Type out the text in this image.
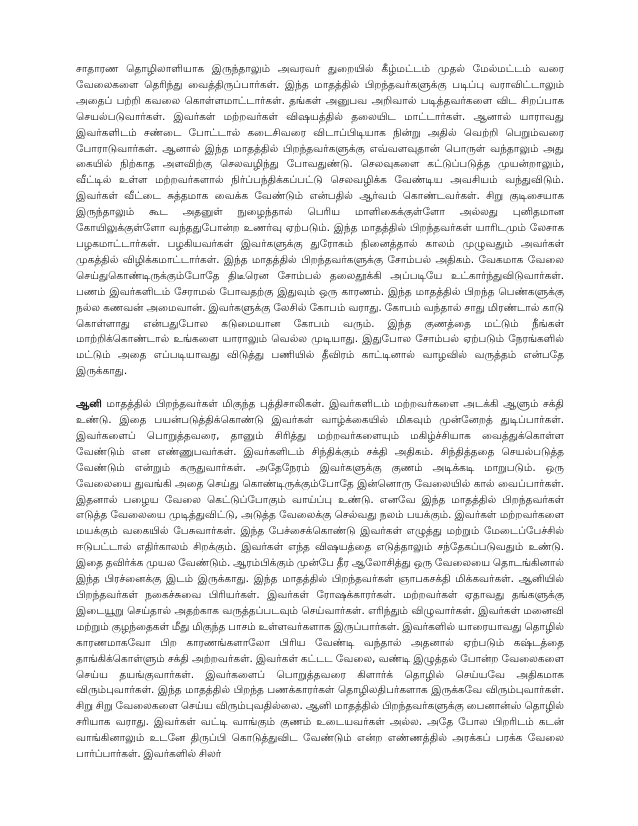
சாதாரண தொழிலாளியாக இருந்தாலும் அவரவர் துறையில் கீழ்மட்டம் முதல் மேல்மட்டம் வரை வேலைகளை தெரிந்து வைத்திருப்பார்கள். இந்த மாதத்தில் பிறந்தவர்களுக்கு படிப்பு வராவிட்டாலும் அதைப் பற்றி கவலை கொள்ளமாட்டார்கள். தங்கள் அனுபவ அறிவால் படித்தவர்களை விட சிறப்பாக செயல்படுவார்கள். இவர்கள் மற்றவர்கள் விஷயத்தில் தலையிட மாட்டார்கள். ஆனால் யாராவது இவர்களிடம் சண்டை போட்டால் கடைசிவரை விடாப்பிடியாக நின்று அதில் வெற்றி பெறும்வரை போராடுவார்கள். ஆனால் இந்த மாதத்தில் பிறந்தவர்களுக்கு எவ்வளவுதான் பொருள் வந்தாலும் அது கையில் நிற்காத அளவிற்கு செலவழிந்து போவதுண்டு. செலவுகளை கட்டுப்படுத்த முயன்றாலும், வீட்டில் உள்ள மற்றவர்களால் நிர்ப்பந்திக்கப்பட்டு செலவழிக்க வேண்டிய அவசியம் வந்துவிடும். இவர்கள் வீட்டை சுத்தமாக வைக்க வேண்டும் என்பதில் ஆர்வம் கொண்டவர்கள். சிறு குடிசையாக இருந்தாலும் கூட அதனுள் நுழைந்தால் பெரிய மாளிகைக்குள்ளோ அல்லது புனிதமான கோயிலுக்குள்ளோ வந்ததுபோன்ற உணர்வு ஏற்படும். இந்த மாதத்தில் பிறந்தவர்கள் யாரிடமும் லேசாக பழகமாட்டார்கள். பழகியவர்கள் இவர்களுக்கு துரோகம் நினைத்தால் காலம் முழுவதும் அவர்கள் முகத்தில் விழிக்கமாட்டார்கள். இந்த மாதத்தில் பிறந்தவர்களுக்கு சோம்பல் அதிகம். வேகமாக வேலை செய்துகொண்டிருக்கும்போதே திடீரென சோம்பல் தலைதூக்கி அப்படியே உட்கார்ந்துவிடுவார்கள். பணம் இவர்களிடம் சேராமல் போவதற்கு இதுவும் ஒரு காரணம். இந்த மாதத்தில் பிறந்த பெண்களுக்கு நல்ல கணவன் அமைவான். இவர்களுக்கு லேசில் கோபம் வராது. கோபம் வந்தால் சாது மிரண்டால் காடு கொள்ளாது என்பதுபோல கடுமையான கோபம் வரும். இந்த குணத்தை மட்டும் நீங்கள் மாற்றிக்கொண்டால் உங்களை யாராலும் வெல்ல முடியாது. இதுபோல சோம்பல் ஏற்படும் நேரங்களில் மட்டும் அதை எப்படியாவது விடுத்து பணியில் தீவிரம் காட்டினால் வாழவில் வருத்தம் என்பதே இருக்காது.

ஆனி மாதத்தில் பிறந்தவர்கள் மிகுந்த புத்திசாலிகள். இவர்களிடம் மற்றவர்களை அடக்கி ஆளும் சக்தி உண்டு. இதை பயன்படுத்திக்கொண்டு இவர்கள் வாழ்க்கையில் மிகவும் முன்னேறத் துடிப்பார்கள். இவர்களைப் பொறுத்தவரை, தானும் சிரித்து மற்றவர்களையும் மகிழ்ச்சியாக வைத்துக்கொள்ள வேண்டும் என எண்ணுபவர்கள். இவர்களிடம் சிந்திக்கும் சக்தி அதிகம். சிந்தித்ததை செயல்படுத்த வேண்டும் என்றும் கருதுவார்கள். அதேநேரம் இவர்களுக்கு குணம் அடிக்கடி மாறுபடும். ஒரு வேலையை துவங்கி அதை செய்து கொண்டிருக்கும்போதே இன்னொரு வேலையில் கால் வைப்பார்கள். இதனால் பழைய வேலை கெட்டுப்போகும் வாய்ப்பு உண்டு. எனவே இந்த மாதத்தில் பிறந்தவர்கள் எடுத்த வேலையை முடித்துவிட்டு, அடுத்த வேலைக்கு செல்வது நலம் பயக்கும். இவர்கள் மற்றவர்களை மயக்கும் வகையில் பேசுவார்கள். இந்த பேச்சைக்கொண்டு இவர்கள் எழுத்து மற்றும் மேடைப்பேச்சில் ஈடுபட்டால் எதிர்காலம் சிறக்கும். இவர்கள் எந்த விஷயத்தை எடுத்தாலும் சந்தேகப்படுவதும் உண்டு. இதை தவிர்க்க முயல வேண்டும். ஆரம்பிக்கும் முன்பே தீர ஆலோசித்து ஒரு வேலையை தொடங்கினால் இந்த பிரச்னைக்கு இடம் இருக்காது. இந்த மாதத்தில் பிறந்தவர்கள் ஞாபகசக்தி மிக்கவர்கள். ஆனியில் பிறந்தவர்கள் நகைச்சுவை பிரியர்கள். இவர்கள் ரோஷக்காரர்கள். மற்றவர்கள் ஏதாவது தங்களுக்கு இடையூறு செய்தால் அதற்காக வருத்தப்படவும் செய்வார்கள். எரிந்தும் விழுவார்கள். இவர்கள் மனைவி மற்றும் குழந்தைகள் மீது மிகுந்த பாசம் உள்ளவர்களாக இருப்பார்கள். இவர்களில் யாரையாவது தொழில் காரணமாகவோ பிற காரணங்களாலோ பிரிய வேண்டி வந்தால் அதனால் ஏற்படும் கஷ்டத்தை தாங்கிக்கொள்ளும் சக்தி அற்றவர்கள். இவர்கள் கட்டட வேலை, வண்டி இழுத்தல் போன்ற வேலைகளை செய்ய தயங்குவார்கள். இவர்களைப் பொறுத்தவரை கிளார்க் தொழில் செய்யவே அதிகமாக விரும்புவார்கள். இந்த மாதத்தில் பிறந்த பணக்காரர்கள் தொழிலதிபர்களாக இருக்கவே விரும்புவார்கள். சிறு சிறு வேலைகளை செய்ய விரும்புவதில்லை. ஆனி மாதத்தில் பிறந்தவர்களுக்கு பைனான்ஸ் தொழில் சரியாக வராது. இவர்கள் வட்டி வாங்கும் குணம் உடையவர்கள் அல்ல. அதே போல பிறரிடம் கடன் வாங்கினாலும் உடனே திருப்பி கொடுத்துவிட வேண்டும் என்ற எண்ணத்தில் அரக்கப் பரக்க வேலை பார்ப்பார்கள். இவர்களில் சிலர்
